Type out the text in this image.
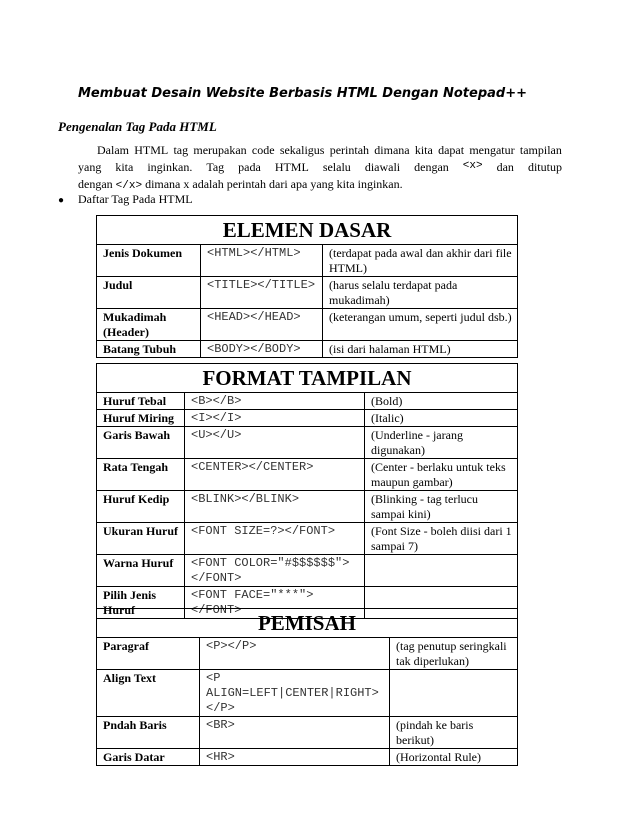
Membuat Desain Website Berbasis HTML Dengan Notepad++
Pengenalan Tag Pada HTML
Dalam HTML tag merupakan code sekaligus perintah dimana kita dapat mengatur tampilan
yang kita inginkan. Tag pada HTML selalu diawali dengan <x> dan ditutup
dengan </x> dimana x adalah perintah dari apa yang kita inginkan.
● Daftar Tag Pada HTML
ELEMEN DASAR		
Jenis Dokumen	<HTML></HTML>	(terdapat pada awal dan akhir dari file HTML)
Judul	<TITLE></TITLE>	(harus selalu terdapat pada mukadimah)
Mukadimah (Header)	<HEAD></HEAD>	(keterangan umum, seperti judul dsb.)
Batang Tubuh	<BODY></BODY>	(isi dari halaman HTML)
FORMAT TAMPILAN		
Huruf Tebal	<B></B>	(Bold)
Huruf Miring	<I></I>	(Italic)
Garis Bawah	<U></U>	(Underline - jarang digunakan)
Rata Tengah	<CENTER></CENTER>	(Center - berlaku untuk teks maupun gambar)
Huruf Kedip	<BLINK></BLINK>	(Blinking - tag terlucu sampai kini)
Ukuran Huruf	<FONT SIZE=?></FONT>	(Font Size - boleh diisi dari 1 sampai 7)
Warna Huruf	<FONT COLOR="#$$$$$$"></FONT>	
Pilih Jenis Huruf	<FONT FACE="***"></FONT>	
PEMISAH		
Paragraf	<P></P>	(tag penutup seringkali tak diperlukan)
Align Text	<P ALIGN=LEFT|CENTER|RIGHT></P>	
Pndah Baris	<BR>	(pindah ke baris berikut)
Garis Datar	<HR>	(Horizontal Rule)
